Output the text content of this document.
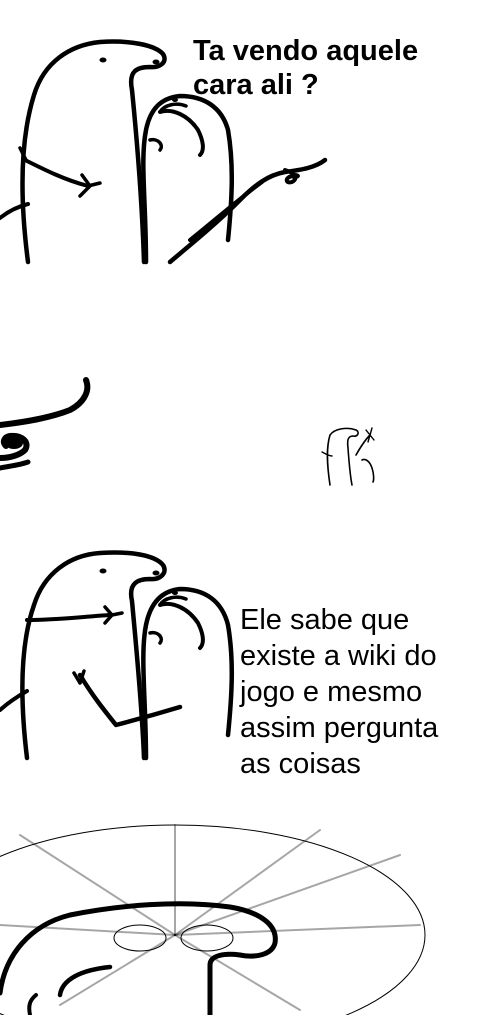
Ta vendo aquele
cara ali ?

Ele sabe que
existe a wiki do
jogo e mesmo
assim pergunta
as coisas
